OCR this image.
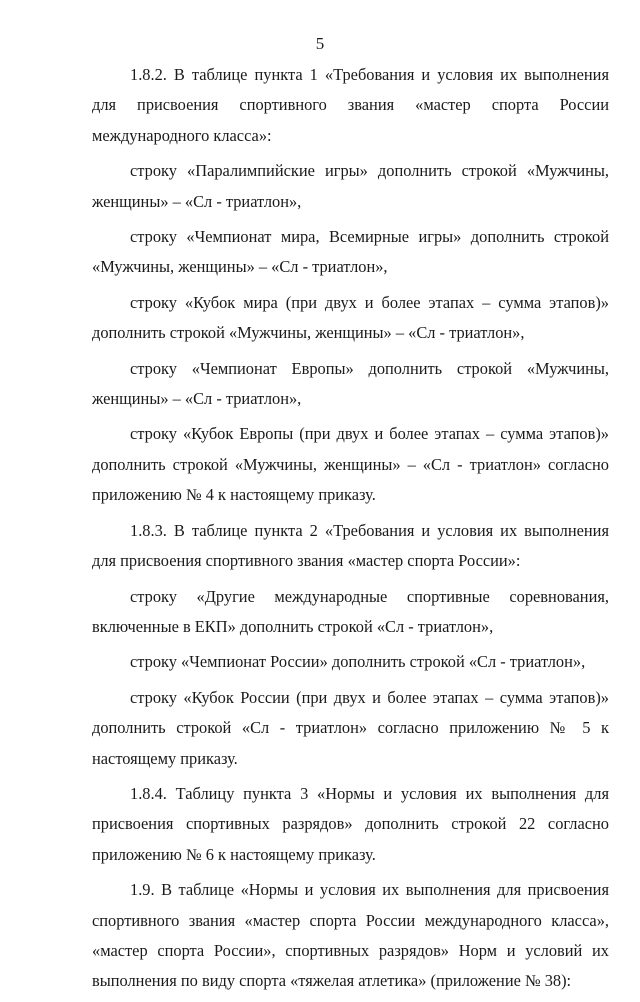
5

1.8.2. В таблице пункта 1 «Требования и условия их выполнения для присвоения спортивного звания «мастер спорта России международного класса»:

строку «Паралимпийские игры» дополнить строкой «Мужчины, женщины» – «Сл - триатлон»,

строку «Чемпионат мира, Всемирные игры» дополнить строкой «Мужчины, женщины» – «Сл - триатлон»,

строку «Кубок мира (при двух и более этапах – сумма этапов)» дополнить строкой «Мужчины, женщины» – «Сл - триатлон»,

строку «Чемпионат Европы» дополнить строкой «Мужчины, женщины» – «Сл - триатлон»,

строку «Кубок Европы (при двух и более этапах – сумма этапов)» дополнить строкой «Мужчины, женщины» – «Сл - триатлон» согласно приложению № 4 к настоящему приказу.

1.8.3. В таблице пункта 2 «Требования и условия их выполнения для присвоения спортивного звания «мастер спорта России»:

строку «Другие международные спортивные соревнования, включенные в ЕКП» дополнить строкой «Сл - триатлон»,

строку «Чемпионат России» дополнить строкой «Сл - триатлон»,

строку «Кубок России (при двух и более этапах – сумма этапов)» дополнить строкой «Сл - триатлон» согласно приложению № 5 к настоящему приказу.

1.8.4. Таблицу пункта 3 «Нормы и условия их выполнения для присвоения спортивных разрядов» дополнить строкой 22 согласно приложению № 6 к настоящему приказу.

1.9. В таблице «Нормы и условия их выполнения для присвоения спортивного звания «мастер спорта России международного класса», «мастер спорта России», спортивных разрядов» Норм и условий их выполнения по виду спорта «тяжелая атлетика» (приложение № 38):
